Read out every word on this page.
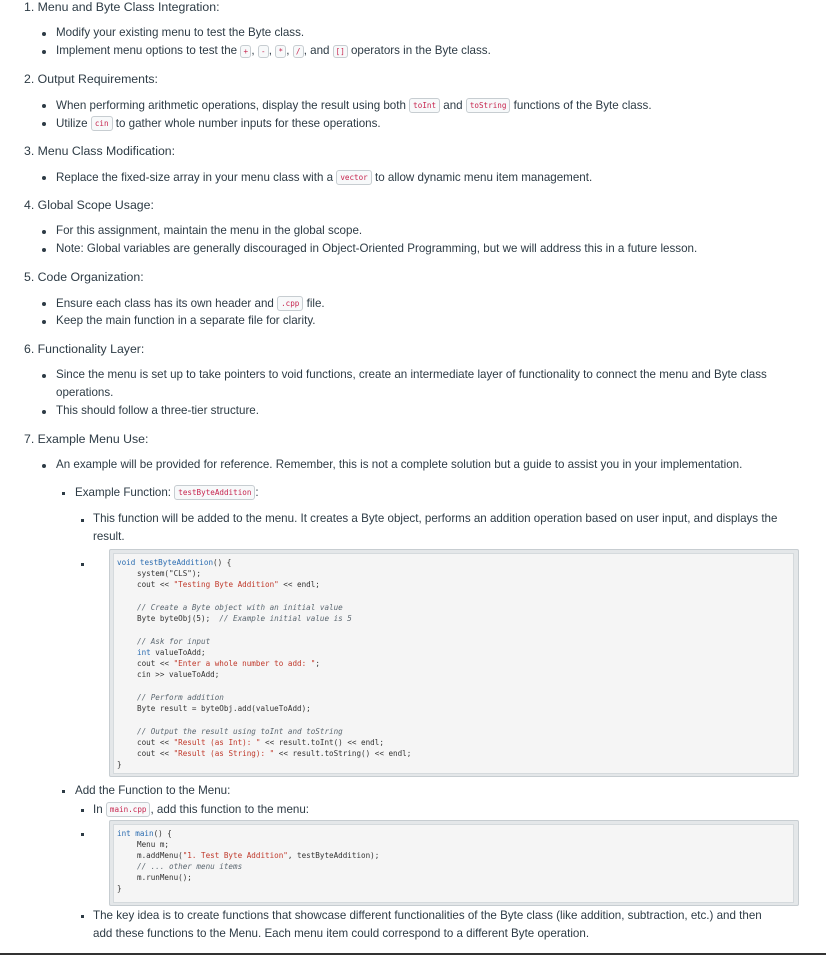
1. Menu and Byte Class Integration:
Modify your existing menu to test the Byte class.
Implement menu options to test the + , - , * , / , and [] operators in the Byte class.
2. Output Requirements:
When performing arithmetic operations, display the result using both toInt and toString functions of the Byte class.
Utilize cin to gather whole number inputs for these operations.
3. Menu Class Modification:
Replace the fixed-size array in your menu class with a vector to allow dynamic menu item management.
4. Global Scope Usage:
For this assignment, maintain the menu in the global scope.
Note: Global variables are generally discouraged in Object-Oriented Programming, but we will address this in a future lesson.
5. Code Organization:
Ensure each class has its own header and .cpp file.
Keep the main function in a separate file for clarity.
6. Functionality Layer:
Since the menu is set up to take pointers to void functions, create an intermediate layer of functionality to connect the menu and Byte class
operations.
This should follow a three-tier structure.
7. Example Menu Use:
An example will be provided for reference. Remember, this is not a complete solution but a guide to assist you in your implementation.
Example Function: testByteAddition :
This function will be added to the menu. It creates a Byte object, performs an addition operation based on user input, and displays the
result.
void testByteAddition() {
system("CLS");
cout << "Testing Byte Addition" << endl;
// Create a Byte object with an initial value
Byte byteObj(5);  // Example initial value is 5
// Ask for input
int valueToAdd;
cout << "Enter a whole number to add: ";
cin >> valueToAdd;
// Perform addition
Byte result = byteObj.add(valueToAdd);
// Output the result using toInt and toString
cout << "Result (as Int): " << result.toInt() << endl;
cout << "Result (as String): " << result.toString() << endl;
}
Add the Function to the Menu:
In main.cpp , add this function to the menu:
int main() {
Menu m;
m.addMenu("1. Test Byte Addition", testByteAddition);
// ... other menu items
m.runMenu();
}
The key idea is to create functions that showcase different functionalities of the Byte class (like addition, subtraction, etc.) and then
add these functions to the Menu. Each menu item could correspond to a different Byte operation.
